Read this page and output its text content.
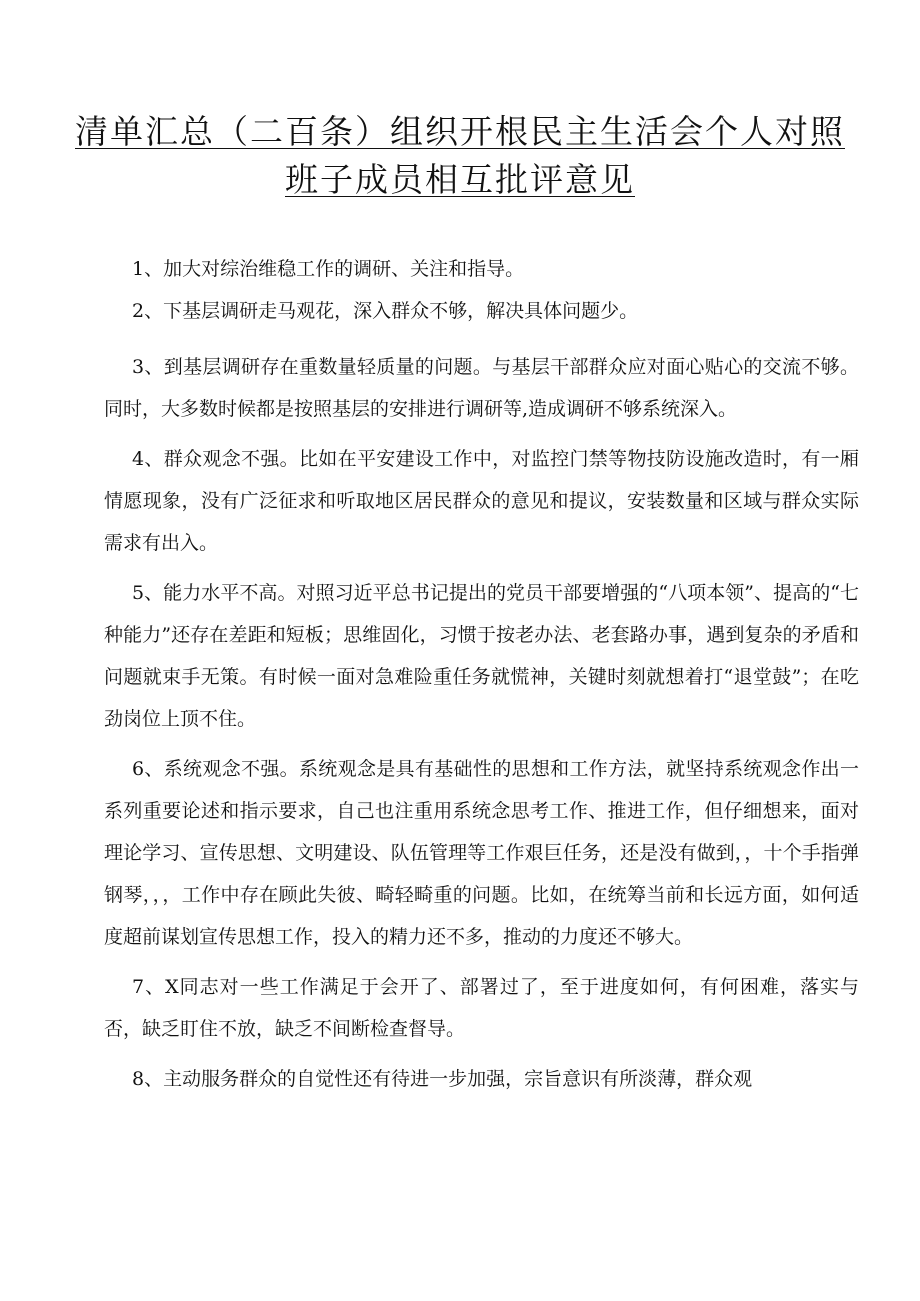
清单汇总（二百条）组织开根民主生活会个人对照
班子成员相互批评意见

1、加大对综治维稳工作的调研、关注和指导。

2、下基层调研走马观花，深入群众不够，解决具体问题少。

3、到基层调研存在重数量轻质量的问题。与基层干部群众应对面心贴心的交流不够。同时，大多数时候都是按照基层的安排进行调研等,造成调研不够系统深入。

4、群众观念不强。比如在平安建设工作中，对监控门禁等物技防设施改造时，有一厢情愿现象，没有广泛征求和听取地区居民群众的意见和提议，安装数量和区域与群众实际需求有出入。

5、能力水平不高。对照习近平总书记提出的党员干部要增强的“八项本领”、提高的“七种能力”还存在差距和短板；思维固化，习惯于按老办法、老套路办事，遇到复杂的矛盾和问题就束手无策。有时候一面对急难险重任务就慌神，关键时刻就想着打“退堂鼓”；在吃劲岗位上顶不住。

6、系统观念不强。系统观念是具有基础性的思想和工作方法，就坚持系统观念作出一系列重要论述和指示要求，自己也注重用系统念思考工作、推进工作，但仔细想来，面对理论学习、宣传思想、文明建设、队伍管理等工作艰巨任务，还是没有做到，，十个手指弹钢琴，，，工作中存在顾此失彼、畸轻畸重的问题。比如，在统筹当前和长远方面，如何适度超前谋划宣传思想工作，投入的精力还不多，推动的力度还不够大。

7、X同志对一些工作满足于会开了、部署过了，至于进度如何，有何困难，落实与否，缺乏盯住不放，缺乏不间断检查督导。

8、主动服务群众的自觉性还有待进一步加强，宗旨意识有所淡薄，群众观
